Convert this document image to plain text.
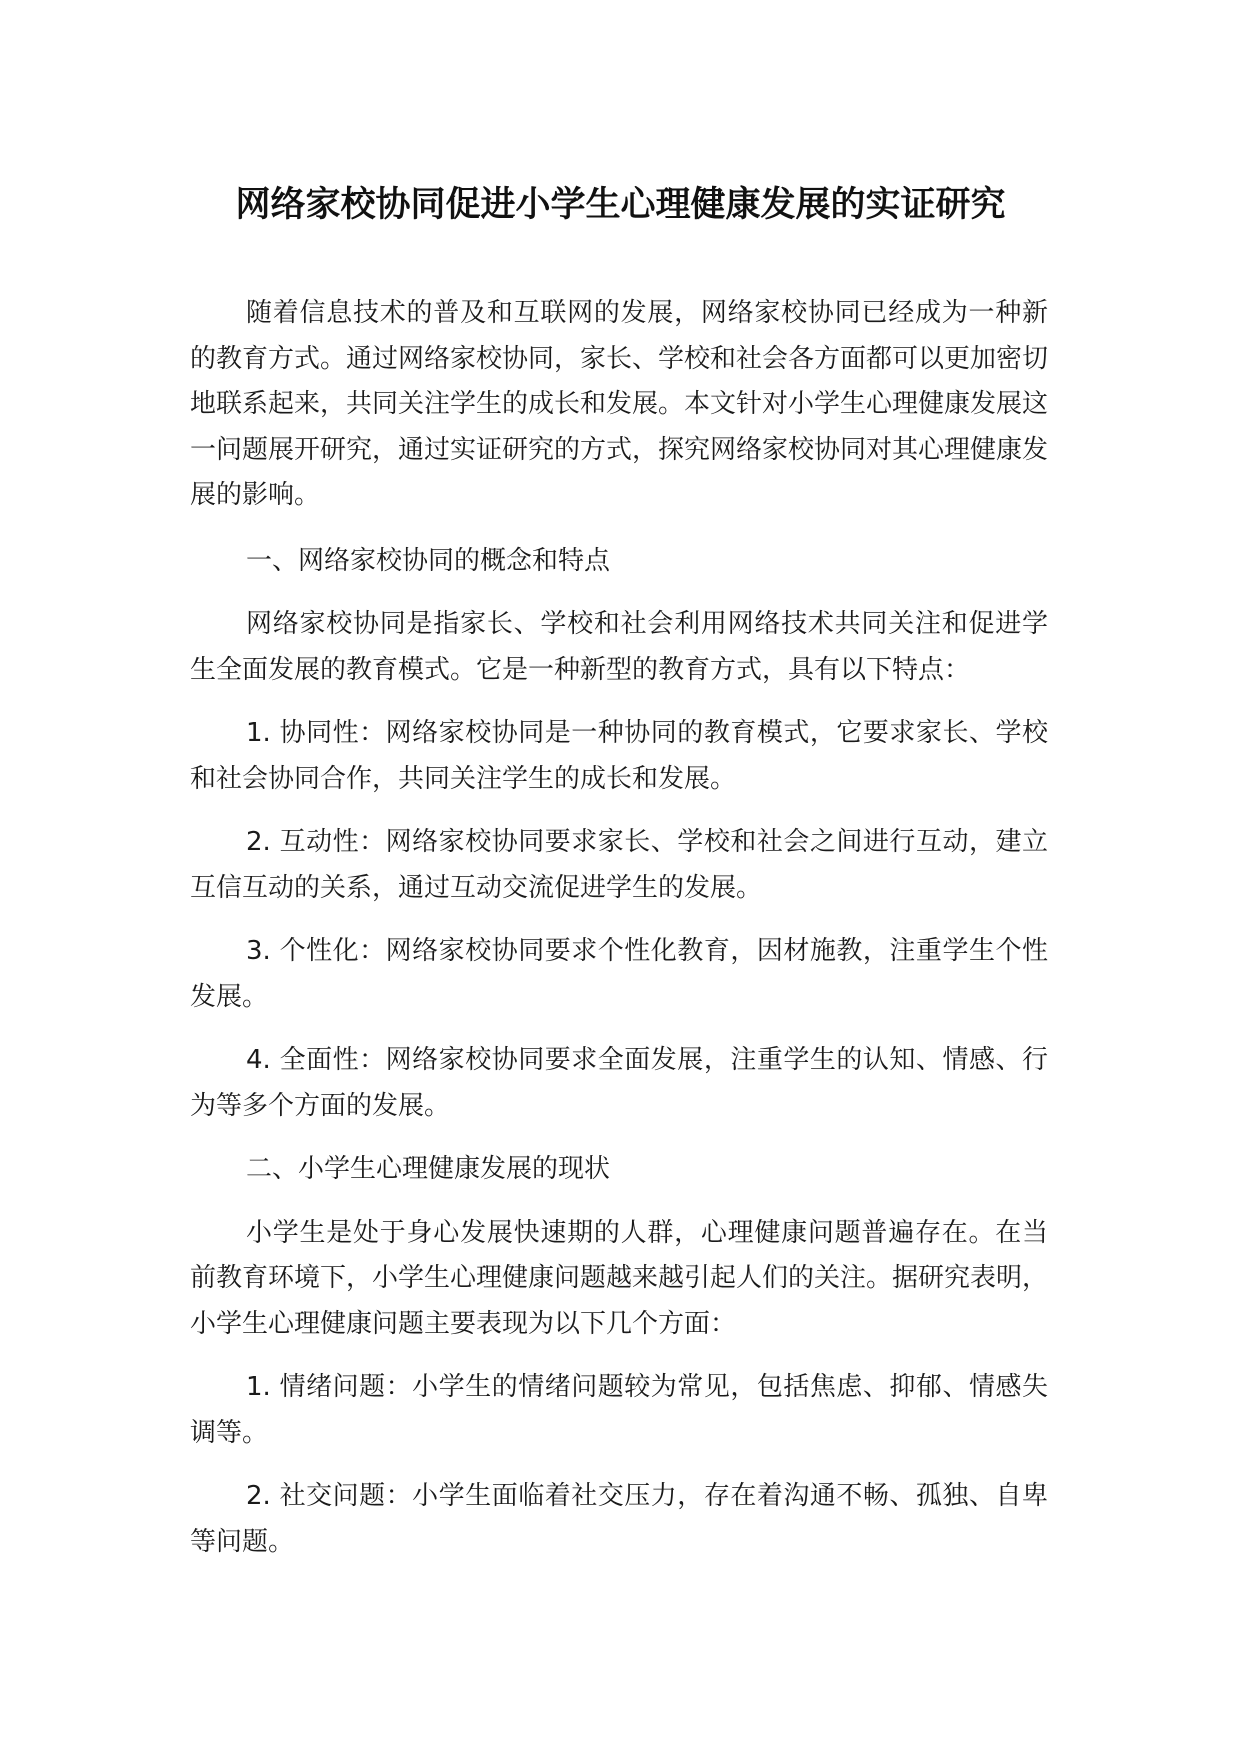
网络家校协同促进小学生心理健康发展的实证研究

随着信息技术的普及和互联网的发展，网络家校协同已经成为一种新的教育方式。通过网络家校协同，家长、学校和社会各方面都可以更加密切地联系起来，共同关注学生的成长和发展。本文针对小学生心理健康发展这一问题展开研究，通过实证研究的方式，探究网络家校协同对其心理健康发展的影响。

一、网络家校协同的概念和特点

网络家校协同是指家长、学校和社会利用网络技术共同关注和促进学生全面发展的教育模式。它是一种新型的教育方式，具有以下特点：

1. 协同性：网络家校协同是一种协同的教育模式，它要求家长、学校和社会协同合作，共同关注学生的成长和发展。

2. 互动性：网络家校协同要求家长、学校和社会之间进行互动，建立互信互动的关系，通过互动交流促进学生的发展。

3. 个性化：网络家校协同要求个性化教育，因材施教，注重学生个性发展。

4. 全面性：网络家校协同要求全面发展，注重学生的认知、情感、行为等多个方面的发展。

二、小学生心理健康发展的现状

小学生是处于身心发展快速期的人群，心理健康问题普遍存在。在当前教育环境下，小学生心理健康问题越来越引起人们的关注。据研究表明，小学生心理健康问题主要表现为以下几个方面：

1. 情绪问题：小学生的情绪问题较为常见，包括焦虑、抑郁、情感失调等。

2. 社交问题：小学生面临着社交压力，存在着沟通不畅、孤独、自卑等问题。
